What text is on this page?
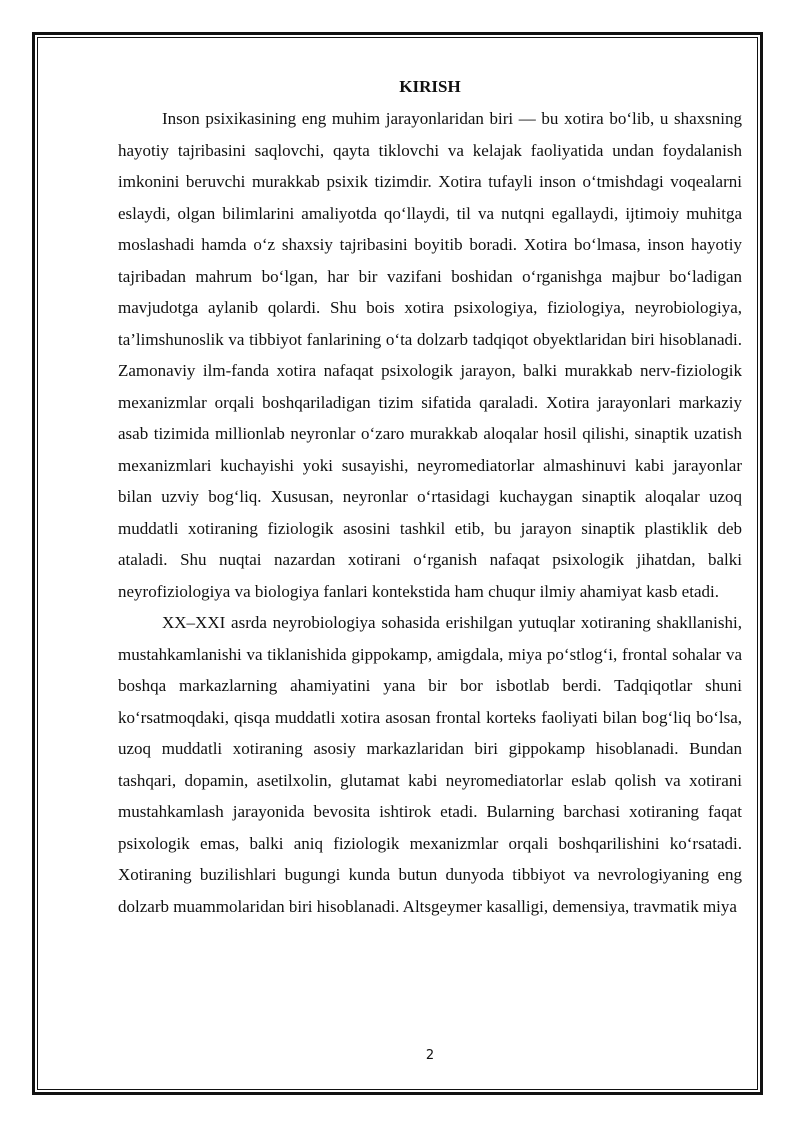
KIRISH

Inson psixikasining eng muhim jarayonlaridan biri — bu xotira bo‘lib, u shaxsning hayotiy tajribasini saqlovchi, qayta tiklovchi va kelajak faoliyatida undan foydalanish imkonini beruvchi murakkab psixik tizimdir. Xotira tufayli inson o‘tmishdagi voqealarni eslaydi, olgan bilimlarini amaliyotda qo‘llaydi, til va nutqni egallaydi, ijtimoiy muhitga moslashadi hamda o‘z shaxsiy tajribasini boyitib boradi. Xotira bo‘lmasa, inson hayotiy tajribadan mahrum bo‘lgan, har bir vazifani boshidan o‘rganishga majbur bo‘ladigan mavjudotga aylanib qolardi. Shu bois xotira psixologiya, fiziologiya, neyrobiologiya, ta’limshunoslik va tibbiyot fanlarining o‘ta dolzarb tadqiqot obyektlaridan biri hisoblanadi. Zamonaviy ilm-fanda xotira nafaqat psixologik jarayon, balki murakkab nerv-fiziologik mexanizmlar orqali boshqariladigan tizim sifatida qaraladi. Xotira jarayonlari markaziy asab tizimida millionlab neyronlar o‘zaro murakkab aloqalar hosil qilishi, sinaptik uzatish mexanizmlari kuchayishi yoki susayishi, neyromediatorlar almashinuvi kabi jarayonlar bilan uzviy bog‘liq. Xususan, neyronlar o‘rtasidagi kuchaygan sinaptik aloqalar uzoq muddatli xotiraning fiziologik asosini tashkil etib, bu jarayon sinaptik plastiklik deb ataladi. Shu nuqtai nazardan xotirani o‘rganish nafaqat psixologik jihatdan, balki neyrofiziologiya va biologiya fanlari kontekstida ham chuqur ilmiy ahamiyat kasb etadi.

XX–XXI asrda neyrobiologiya sohasida erishilgan yutuqlar xotiraning shakllanishi, mustahkamlanishi va tiklanishida gippokamp, amigdala, miya po‘stlog‘i, frontal sohalar va boshqa markazlarning ahamiyatini yana bir bor isbotlab berdi. Tadqiqotlar shuni ko‘rsatmoqdaki, qisqa muddatli xotira asosan frontal korteks faoliyati bilan bog‘liq bo‘lsa, uzoq muddatli xotiraning asosiy markazlaridan biri gippokamp hisoblanadi. Bundan tashqari, dopamin, asetilxolin, glutamat kabi neyromediatorlar eslab qolish va xotirani mustahkamlash jarayonida bevosita ishtirok etadi. Bularning barchasi xotiraning faqat psixologik emas, balki aniq fiziologik mexanizmlar orqali boshqarilishini ko‘rsatadi. Xotiraning buzilishlari bugungi kunda butun dunyoda tibbiyot va nevrologiyaning eng dolzarb muammolaridan biri hisoblanadi. Altsgeymer kasalligi, demensiya, travmatik miya

2
